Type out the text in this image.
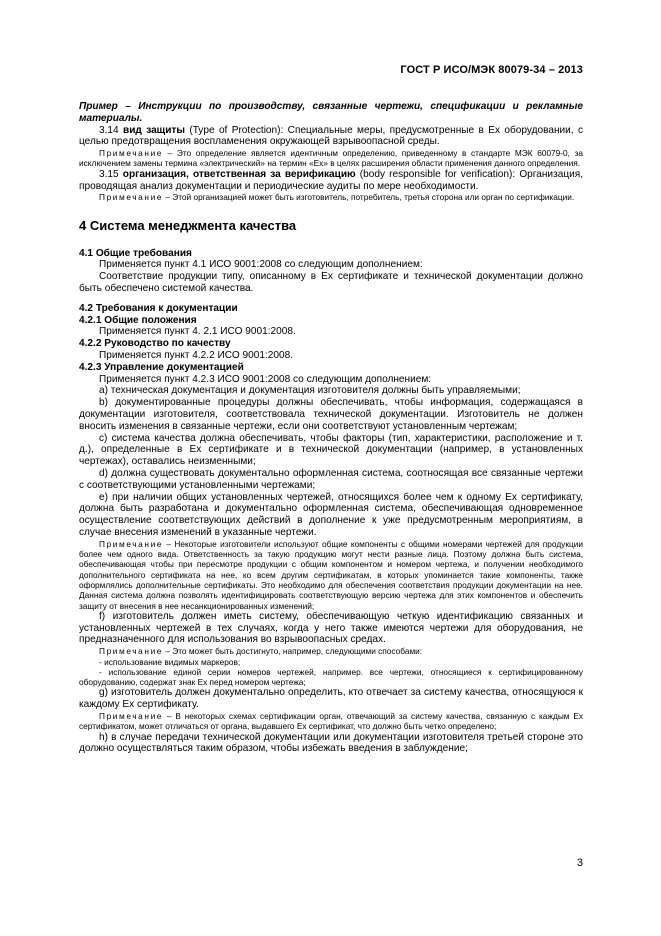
ГОСТ Р ИСО/МЭК 80079-34 – 2013

Пример – Инструкции по производству, связанные чертежи, спецификации и рекламные материалы.

3.14 вид защиты (Type of Protection): Специальные меры, предусмотренные в Ex оборудовании, с целью предотвращения воспламенения окружающей взрывоопасной среды.

Примечание – Это определение является идентичным определению, приведенному в стандарте МЭК 60079-0, за исключением замены термина «электрический» на термин «Ex» в целях расширения области применения данного определения.

3.15 организация, ответственная за верификацию (body responsible for verification): Организация, проводящая анализ документации и периодические аудиты по мере необходимости.

Примечание – Этой организацией может быть изготовитель, потребитель, третья сторона или орган по сертификации.

4 Система менеджмента качества

4.1 Общие требования

Применяется пункт 4.1 ИСО 9001:2008 со следующим дополнением:

Соответствие продукции типу, описанному в Ex сертификате и технической документации должно быть обеспечено системой качества.

4.2 Требования к документации

4.2.1 Общие положения

Применяется пункт 4. 2.1 ИСО 9001:2008.

4.2.2 Руководство по качеству

Применяется пункт 4.2.2 ИСО 9001:2008.

4.2.3 Управление документацией

Применяется пункт 4.2.3 ИСО 9001:2008 со следующим дополнением:

а) техническая документация и документация изготовителя должны быть управляемыми;

b) документированные процедуры должны обеспечивать, чтобы информация, содержащаяся в документации изготовителя, соответствовала технической документации. Изготовитель не должен вносить изменения в связанные чертежи, если они соответствуют установленным чертежам;

c) система качества должна обеспечивать, чтобы факторы (тип, характеристики, расположение и т. д.), определенные в Ex сертификате и в технической документации (например, в установленных чертежах), оставались неизменными;

d) должна существовать документально оформленная система, соотносящая все связанные чертежи с соответствующими установленными чертежами;

е) при наличии общих установленных чертежей, относящихся более чем к одному Ex сертификату, должна быть разработана и документально оформленная система, обеспечивающая одновременное осуществление соответствующих действий в дополнение к уже предусмотренным мероприятиям, в случае внесения изменений в указанные чертежи.

Примечание – Некоторые изготовители используют общие компоненты с общими номерами чертежей для продукции более чем одного вида. Ответственность за такую продукцию могут нести разные лица. Поэтому должна быть система, обеспечивающая чтобы при пересмотре продукции с общим компонентом и номером чертежа, и получении необходимого дополнительного сертификата на нее, ко всем другим сертификатам, в которых упоминается такие компоненты, также оформлялись дополнительные сертификаты. Это необходимо для обеспечения соответствия продукции документации на нее. Данная система должна позволять идентифицировать соответствующую версию чертежа для этих компонентов и обеспечить защиту от внесения в нее несанкционированных изменений;

f) изготовитель должен иметь систему, обеспечивающую четкую идентификацию связанных и установленных чертежей в тех случаях, когда у него также имеются чертежи для оборудования, не предназначенного для использования во взрывоопасных средах.

Примечание – Это может быть достигнуто, например, следующими способами:

- использование видимых маркеров;

- использование единой серии номеров чертежей, например. все чертежи, относящиеся к сертифицированному оборудованию, содержат знак Ex перед номером чертежа;

g) изготовитель должен документально определить, кто отвечает за систему качества, относящуюся к каждому Ex сертификату.

Примечание – В некоторых схемах сертификации орган, отвечающий за систему качества, связанную с каждым Ex сертификатом, может отличаться от органа, выдавшего Ex сертификат, что должно быть четко определено;

h) в случае передачи технической документации или документации изготовителя третьей стороне это должно осуществляться таким образом, чтобы избежать введения в заблуждение;

3
